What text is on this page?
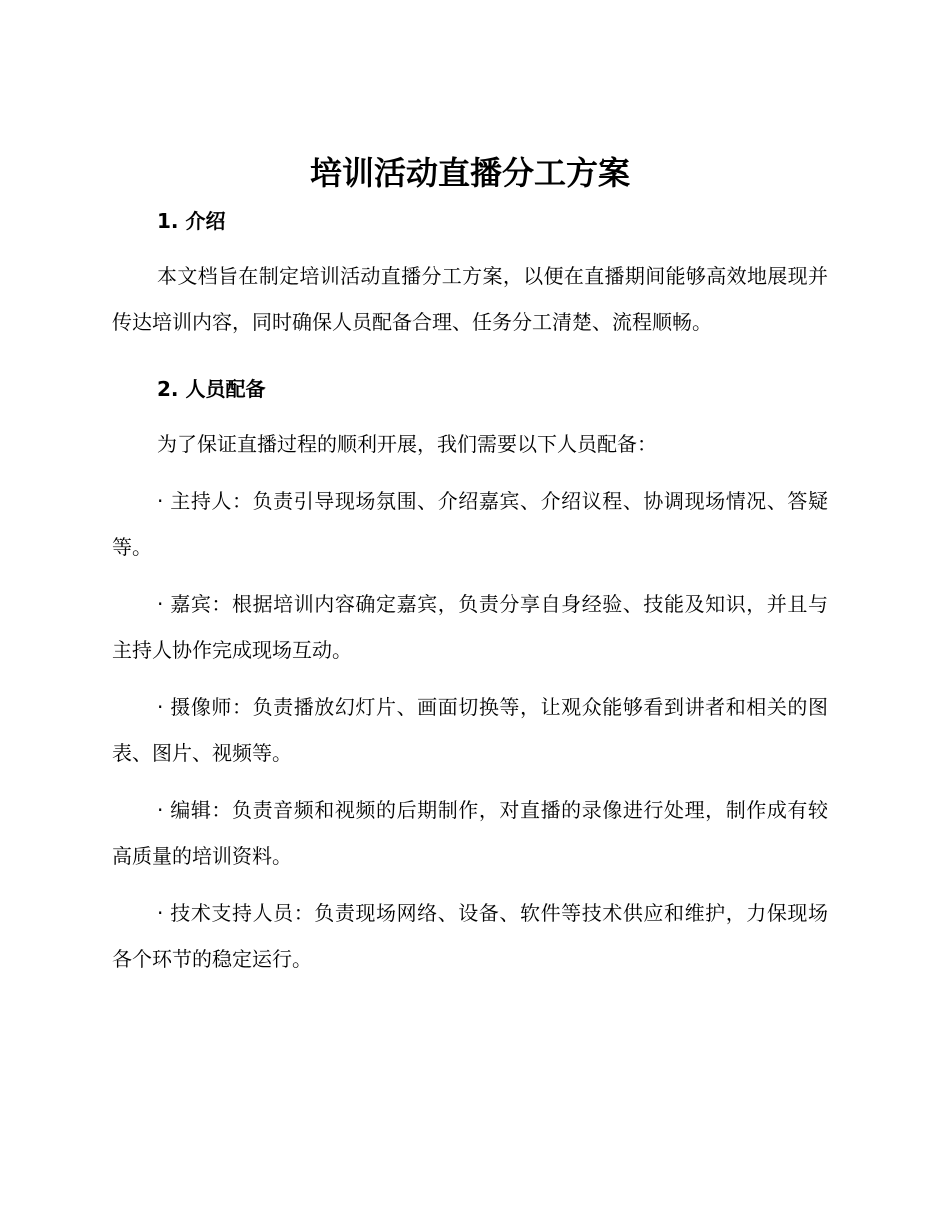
培训活动直播分工方案
1. 介绍

本文档旨在制定培训活动直播分工方案，以便在直播期间能够高效地展现并传达培训内容，同时确保人员配备合理、任务分工清楚、流程顺畅。

2. 人员配备

为了保证直播过程的顺利开展，我们需要以下人员配备：

· 主持人：负责引导现场氛围、介绍嘉宾、介绍议程、协调现场情况、答疑等。

· 嘉宾：根据培训内容确定嘉宾，负责分享自身经验、技能及知识，并且与主持人协作完成现场互动。

· 摄像师：负责播放幻灯片、画面切换等，让观众能够看到讲者和相关的图表、图片、视频等。

· 编辑：负责音频和视频的后期制作，对直播的录像进行处理，制作成有较高质量的培训资料。

· 技术支持人员：负责现场网络、设备、软件等技术供应和维护，力保现场各个环节的稳定运行。
